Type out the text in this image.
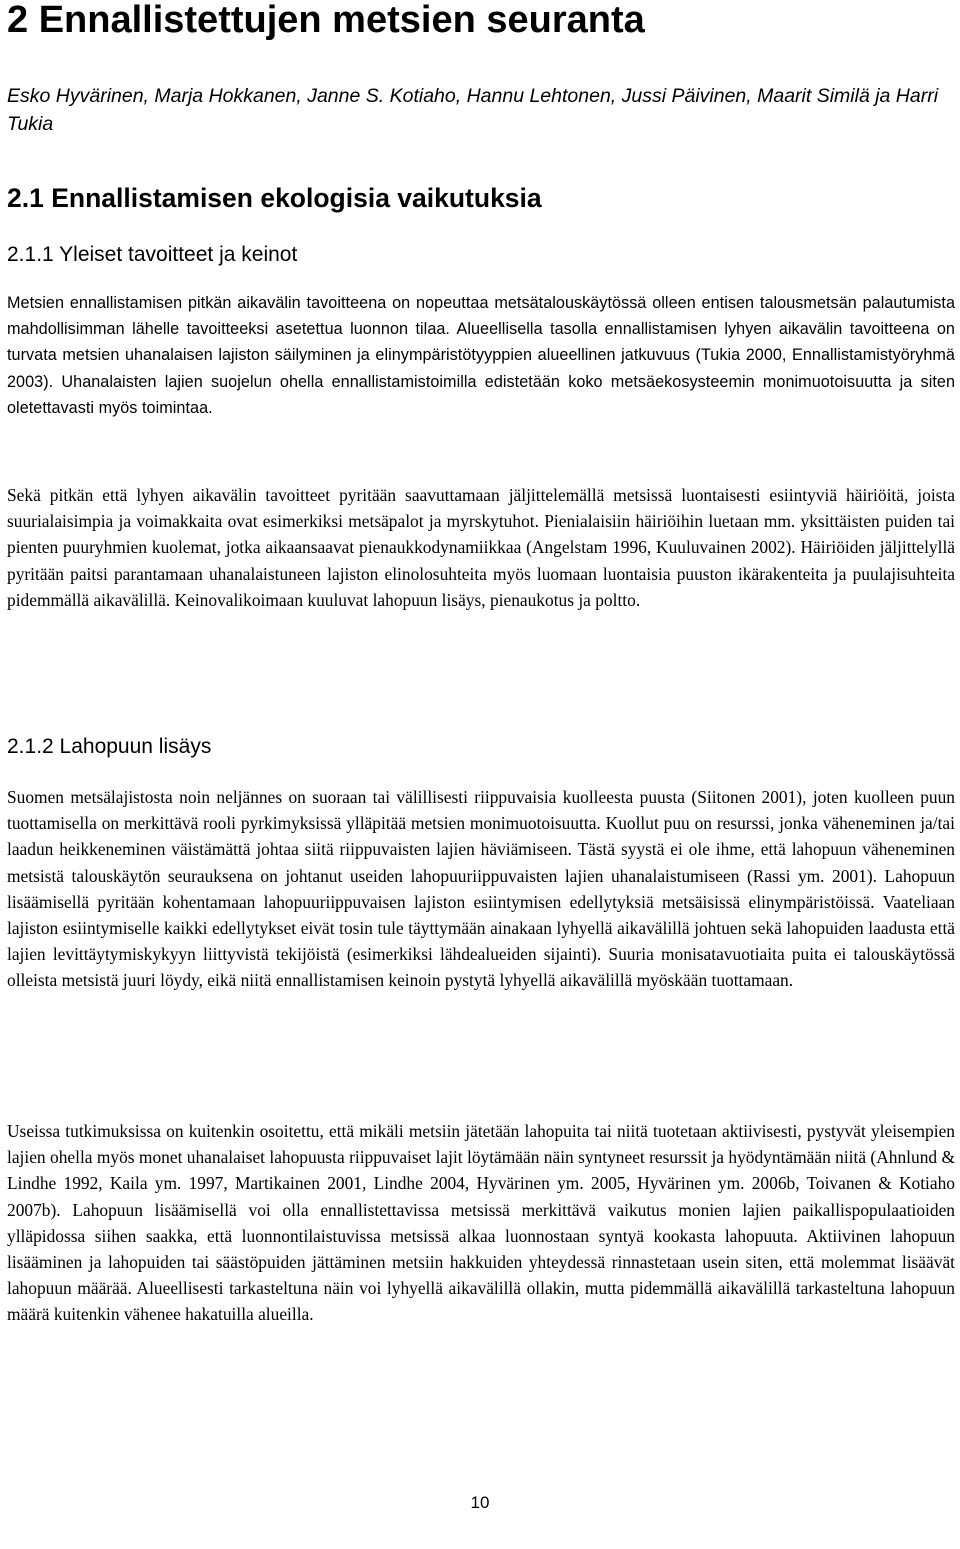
2 Ennallistettujen metsien seuranta

Esko Hyvärinen, Marja Hokkanen, Janne S. Kotiaho, Hannu Lehtonen, Jussi Päivinen, Maarit Similä ja Harri Tukia

2.1 Ennallistamisen ekologisia vaikutuksia
2.1.1 Yleiset tavoitteet ja keinot

Metsien ennallistamisen pitkän aikavälin tavoitteena on nopeuttaa metsätalouskäytössä olleen entisen talousmetsän palautumista mahdollisimman lähelle tavoitteeksi asetettua luonnon tilaa. Alueellisella tasolla ennallistamisen lyhyen aikavälin tavoitteena on turvata metsien uhanalaisen lajiston säilyminen ja elinympäristötyyppien alueellinen jatkuvuus (Tukia 2000, Ennallistamistyöryhmä 2003). Uhanalaisten lajien suojelun ohella ennallistamistoimilla edistetään koko metsäekosysteemin monimuotoisuutta ja siten oletettavasti myös toimintaa.

Sekä pitkän että lyhyen aikavälin tavoitteet pyritään saavuttamaan jäljittelemällä metsissä luontaisesti esiintyviä häiriöitä, joista suurialaisimpia ja voimakkaita ovat esimerkiksi metsäpalot ja myrskytuhot. Pienialaisiin häiriöihin luetaan mm. yksittäisten puiden tai pienten puuryhmien kuolemat, jotka aikaansaavat pienaukkodynamiikkaa (Angelstam 1996, Kuuluvainen 2002). Häiriöiden jäljittelyllä pyritään paitsi parantamaan uhanalaistuneen lajiston elinolosuhteita myös luomaan luontaisia puuston ikärakenteita ja puulajisuhteita pidemmällä aikavälillä. Keinovalikoimaan kuuluvat lahopuun lisäys, pienaukotus ja poltto.

2.1.2 Lahopuun lisäys

Suomen metsälajistosta noin neljännes on suoraan tai välillisesti riippuvaisia kuolleesta puusta (Siitonen 2001), joten kuolleen puun tuottamisella on merkittävä rooli pyrkimyksissä ylläpitää metsien monimuotoisuutta. Kuollut puu on resurssi, jonka väheneminen ja/tai laadun heikkeneminen väistämättä johtaa siitä riippuvaisten lajien häviämiseen. Tästä syystä ei ole ihme, että lahopuun väheneminen metsistä talouskäytön seurauksena on johtanut useiden lahopuuriippuvaisten lajien uhanalaistumiseen (Rassi ym. 2001). Lahopuun lisäämisellä pyritään kohentamaan lahopuuriippuvaisen lajiston esiintymisen edellytyksiä metsäisissä elinympäristöissä. Vaateliaan lajiston esiintymiselle kaikki edellytykset eivät tosin tule täyttymään ainakaan lyhyellä aikavälillä johtuen sekä lahopuiden laadusta että lajien levittäytymiskykyyn liittyvistä tekijöistä (esimerkiksi lähdealueiden sijainti). Suuria monisatavuotiaita puita ei talouskäytössä olleista metsistä juuri löydy, eikä niitä ennallistamisen keinoin pystytä lyhyellä aikavälillä myöskään tuottamaan.

Useissa tutkimuksissa on kuitenkin osoitettu, että mikäli metsiin jätetään lahopuita tai niitä tuotetaan aktiivisesti, pystyvät yleisempien lajien ohella myös monet uhanalaiset lahopuusta riippuvaiset lajit löytämään näin syntyneet resurssit ja hyödyntämään niitä (Ahnlund & Lindhe 1992, Kaila ym. 1997, Martikainen 2001, Lindhe 2004, Hyvärinen ym. 2005, Hyvärinen ym. 2006b, Toivanen & Kotiaho 2007b). Lahopuun lisäämisellä voi olla ennallistettavissa metsissä merkittävä vaikutus monien lajien paikallispopulaatioiden ylläpidossa siihen saakka, että luonnontilaistuvissa metsissä alkaa luonnostaan syntyä kookasta lahopuuta. Aktiivinen lahopuun lisääminen ja lahopuiden tai säästöpuiden jättäminen metsiin hakkuiden yhteydessä rinnastetaan usein siten, että molemmat lisäävät lahopuun määrää. Alueellisesti tarkasteltuna näin voi lyhyellä aikavälillä ollakin, mutta pidemmällä aikavälillä tarkasteltuna lahopuun määrä kuitenkin vähenee hakatuilla alueilla.

10
